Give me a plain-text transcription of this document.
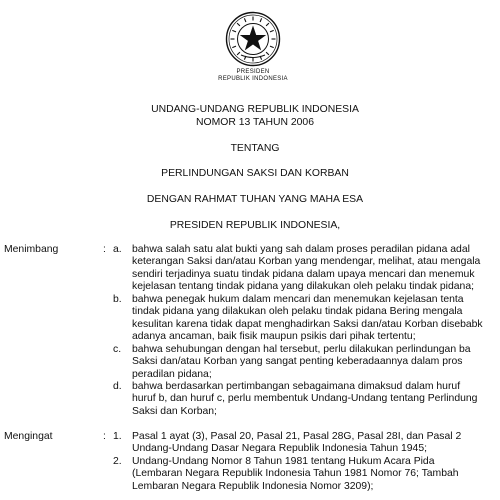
PRESIDEN
REPUBLIK INDONESIA
UNDANG-UNDANG REPUBLIK INDONESIA
NOMOR 13 TAHUN 2006
TENTANG
PERLINDUNGAN SAKSI DAN KORBAN
DENGAN RAHMAT TUHAN YANG MAHA ESA
PRESIDEN REPUBLIK INDONESIA,
Menimbang	: a. bahwa salah satu alat bukti yang sah dalam proses peradilan pidana adal
keterangan Saksi dan/atau Korban yang mendengar, melihat, atau mengala
sendiri terjadinya suatu tindak pidana dalam upaya mencari dan menemuk
kejelasan tentang tindak pidana yang dilakukan oleh pelaku tindak pidana;
b. bahwa penegak hukum dalam mencari dan menemukan kejelasan tenta
tindak pidana yang dilakukan oleh pelaku tindak pidana Bering mengala
kesulitan karena tidak dapat menghadirkan Saksi dan/atau Korban disebabk
adanya ancaman, baik fisik maupun psikis dari pihak tertentu;
c. bahwa sehubungan dengan hal tersebut, perlu dilakukan perlindungan ba
Saksi dan/atau Korban yang sangat penting keberadaannya dalam pros
peradilan pidana;
d. bahwa berdasarkan pertimbangan sebagaimana dimaksud dalam huruf
huruf b, dan huruf c, perlu membentuk Undang-Undang tentang Perlindung
Saksi dan Korban;
Mengingat	: 1. Pasal 1 ayat (3), Pasal 20, Pasal 21, Pasal 28G, Pasal 28I, dan Pasal 2
Undang-Undang Dasar Negara Republik Indonesia Tahun 1945;
2. Undang-Undang Nomor 8 Tahun 1981 tentang Hukum Acara Pida
(Lembaran Negara Republik Indonesia Tahun 1981 Nomor 76; Tambah
Lembaran Negara Republik Indonesia Nomor 3209);
